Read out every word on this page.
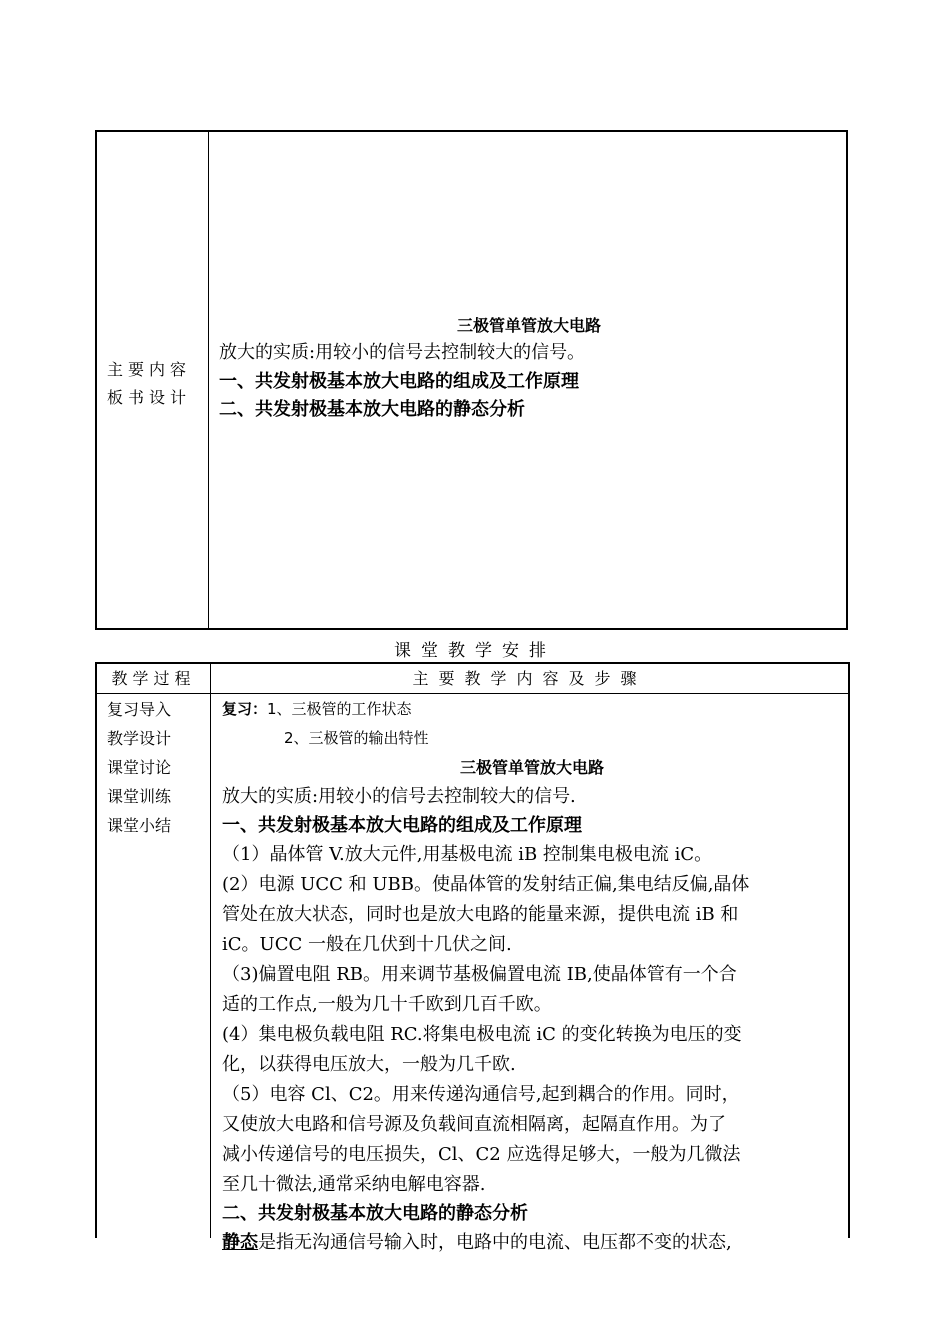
主要内容
板书设计
三极管单管放大电路
放大的实质:用较小的信号去控制较大的信号。
一、共发射极基本放大电路的组成及工作原理
二、共发射极基本放大电路的静态分析
课堂教学安排
教学过程	主要教学内容及步骤
复习导入
教学设计
课堂讨论
课堂训练
课堂小结
复习：1、三极管的工作状态
2、三极管的输出特性
三极管单管放大电路
放大的实质:用较小的信号去控制较大的信号.
一、共发射极基本放大电路的组成及工作原理
（1）晶体管 V.放大元件,用基极电流 iB 控制集电极电流 iC。
(2）电源 UCC 和 UBB。使晶体管的发射结正偏,集电结反偏,晶体
管处在放大状态，同时也是放大电路的能量来源，提供电流 iB 和
iC。UCC 一般在几伏到十几伏之间.
（3)偏置电阻 RB。用来调节基极偏置电流 IB,使晶体管有一个合
适的工作点,一般为几十千欧到几百千欧。
(4）集电极负载电阻 RC.将集电极电流 iC 的变化转换为电压的变
化，以获得电压放大，一般为几千欧.
（5）电容 Cl、C2。用来传递沟通信号,起到耦合的作用。同时，
又使放大电路和信号源及负载间直流相隔离，起隔直作用。为了
减小传递信号的电压损失，Cl、C2 应选得足够大，一般为几微法
至几十微法,通常采纳电解电容器.
二、共发射极基本放大电路的静态分析
静态是指无沟通信号输入时，电路中的电流、电压都不变的状态,
